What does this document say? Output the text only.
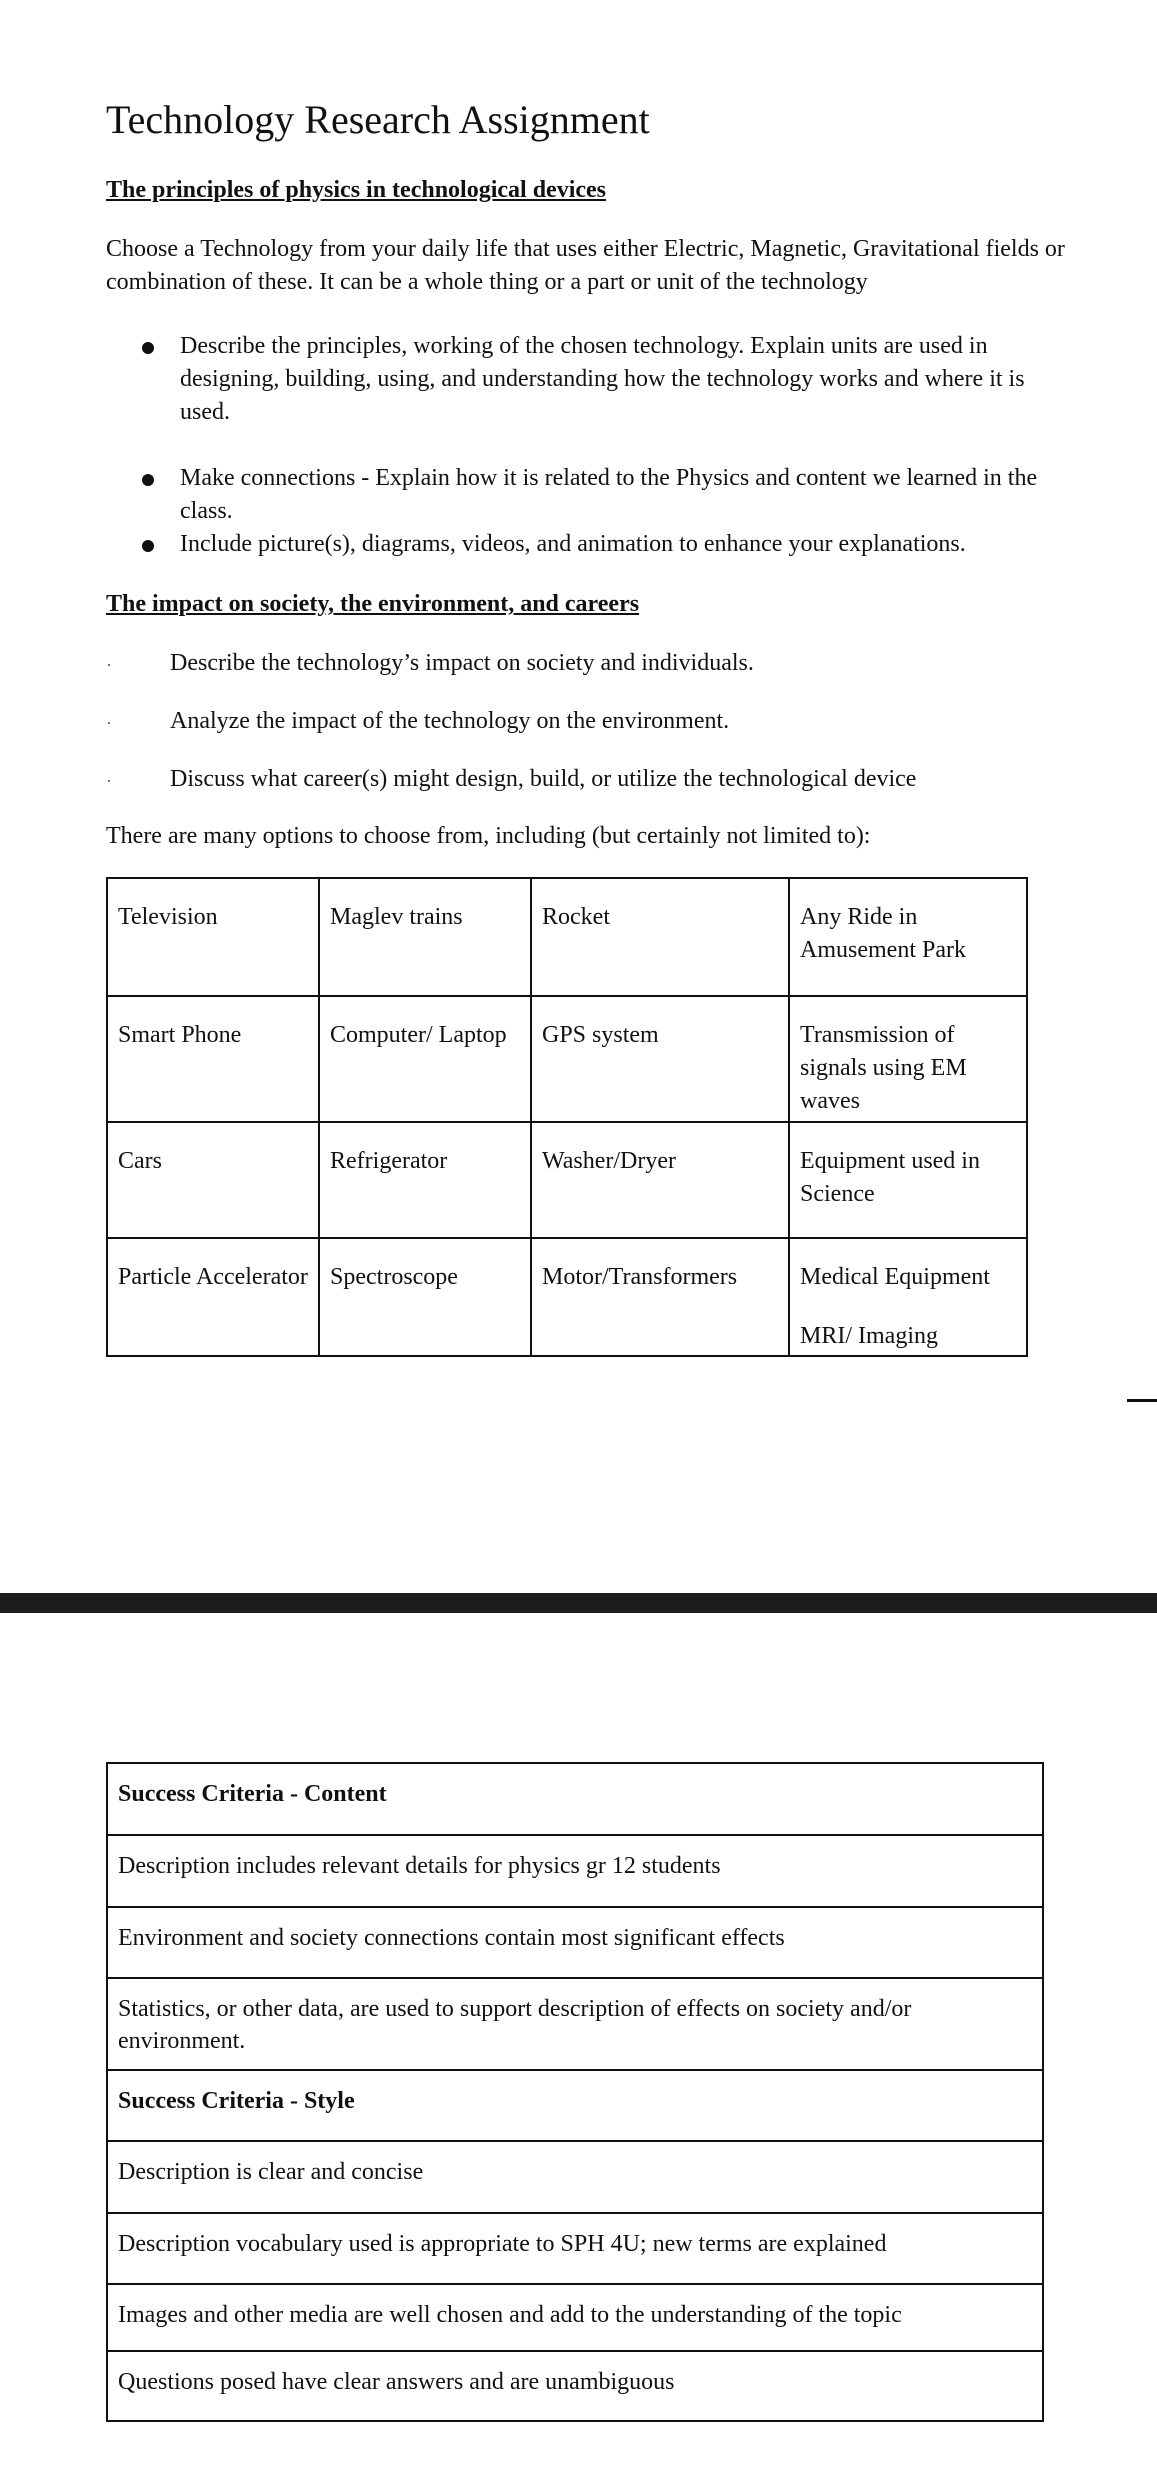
Technology Research Assignment
The principles of physics in technological devices
Choose a Technology from your daily life that uses either Electric, Magnetic, Gravitational fields or combination of these. It can be a whole thing or a part or unit of the technology
Describe the principles, working of the chosen technology. Explain units are used in designing, building, using, and understanding how the technology works and where it is used.
Make connections - Explain how it is related to the Physics and content we learned in the class.
Include picture(s), diagrams, videos, and animation to enhance your explanations.
The impact on society, the environment, and careers
Describe the technology’s impact on society and individuals.
Analyze the impact of the technology on the environment.
Discuss what career(s) might design, build, or utilize the technological device
There are many options to choose from, including (but certainly not limited to):
Television	Maglev trains	Rocket	Any Ride in Amusement Park

Smart Phone	Computer/ Laptop	GPS system	Transmission of signals using EM waves

Cars	Refrigerator	Washer/Dryer	Equipment used in Science

Particle Accelerator	Spectroscope	Motor/Transformers	Medical Equipment
MRI/ Imaging
Success Criteria - Content
Description includes relevant details for physics gr 12 students
Environment and society connections contain most significant effects
Statistics, or other data, are used to support description of effects on society and/or environment.
Success Criteria - Style
Description is clear and concise
Description vocabulary used is appropriate to SPH 4U; new terms are explained
Images and other media are well chosen and add to the understanding of the topic
Questions posed have clear answers and are unambiguous
